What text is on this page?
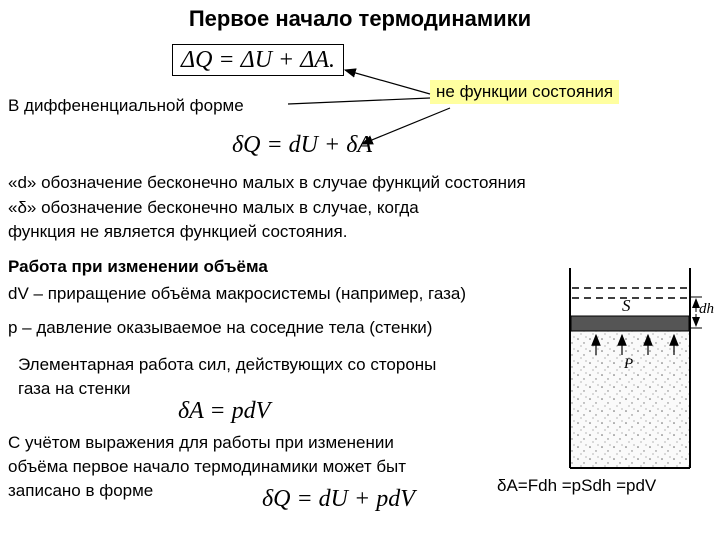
Первое начало термодинамики
ΔQ = ΔU + ΔA.
В диффененциальной форме
не функции состояния
δQ = dU + δA
«d» обозначение бесконечно малых в случае функций состояния
«δ» обозначение бесконечно малых в случае, когда
функция не является функцией состояния.
Работа при изменении объёма
dV – приращение объёма макросистемы (например, газа)
p – давление оказываемое на соседние тела (стенки)
Элементарная работа сил, действующих со стороны
газа на стенки
δA = pdV
С учётом выражения для работы при изменении
объёма первое начало термодинамики может быт
записано в форме	δQ = dU + pdV
δA=Fdh =pSdh =pdV
S
P
dh
